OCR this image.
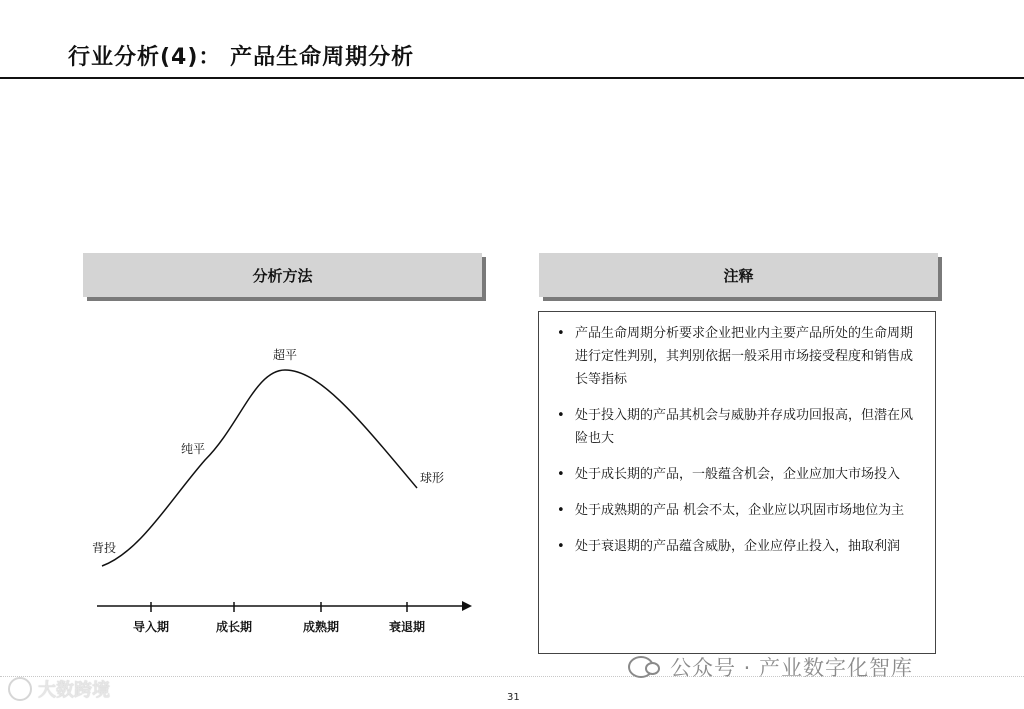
行业分析(4)： 产品生命周期分析
分析方法	注释
背投
纯平
超平
球形
导入期	成长期	成熟期	衰退期
• 产品生命周期分析要求企业把业内主要产品所处的生命周期进行定性判别，其判别依据一般采用市场接受程度和销售成长等指标
• 处于投入期的产品其机会与威胁并存成功回报高，但潜在风险也大
• 处于成长期的产品，一般蕴含机会，企业应加大市场投入
• 处于成熟期的产品 机会不太，企业应以巩固市场地位为主
• 处于衰退期的产品蕴含威胁，企业应停止投入，抽取利润
公众号 · 产业数字化智库
大数跨境	31
